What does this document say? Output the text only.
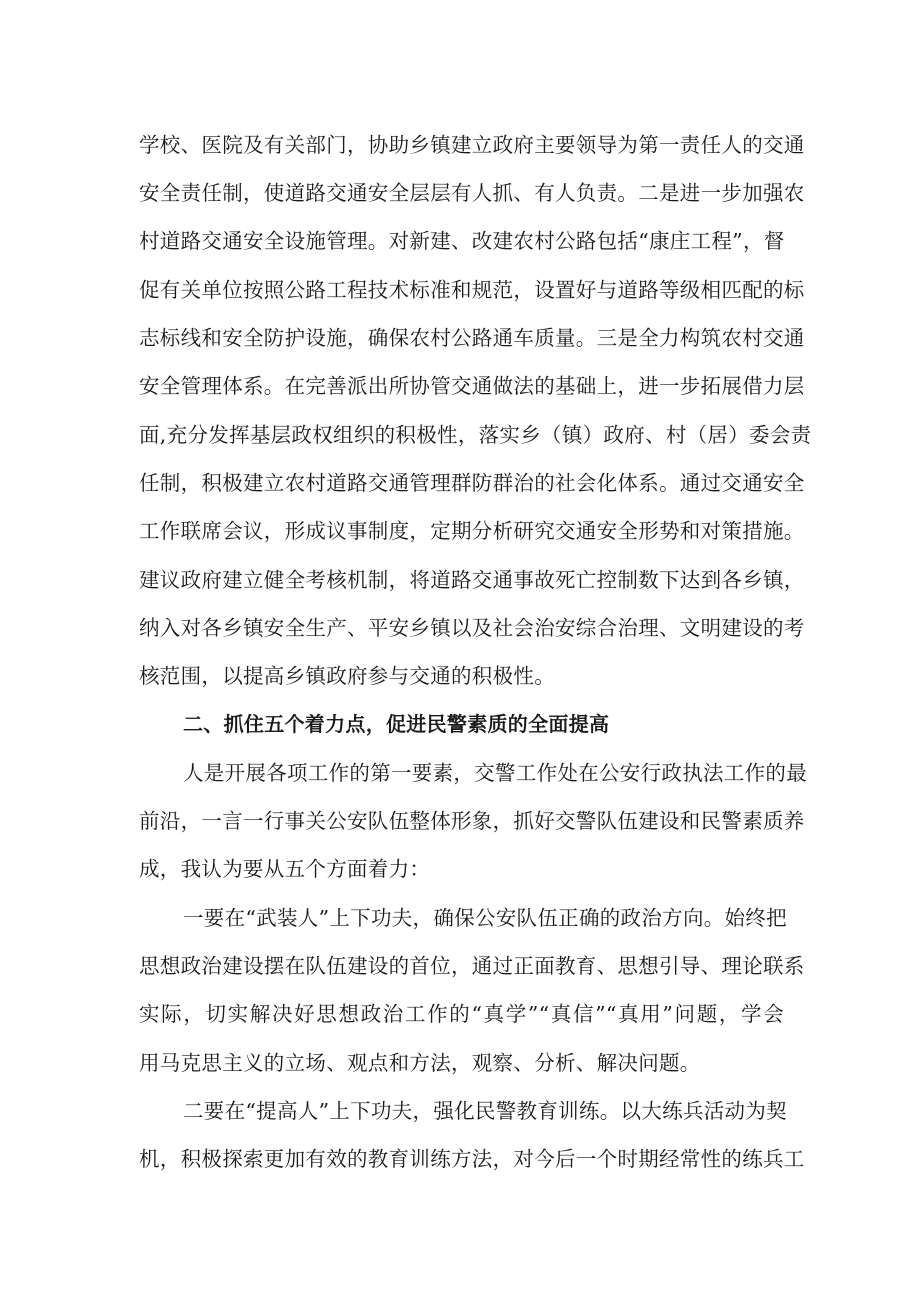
学校、医院及有关部门，协助乡镇建立政府主要领导为第一责任人的交通
安全责任制，使道路交通安全层层有人抓、有人负责。二是进一步加强农
村道路交通安全设施管理。对新建、改建农村公路包括“康庄工程”，督
促有关单位按照公路工程技术标准和规范，设置好与道路等级相匹配的标
志标线和安全防护设施，确保农村公路通车质量。三是全力构筑农村交通
安全管理体系。在完善派出所协管交通做法的基础上，进一步拓展借力层
面,充分发挥基层政权组织的积极性，落实乡（镇）政府、村（居）委会责
任制，积极建立农村道路交通管理群防群治的社会化体系。通过交通安全
工作联席会议，形成议事制度，定期分析研究交通安全形势和对策措施。
建议政府建立健全考核机制，将道路交通事故死亡控制数下达到各乡镇，
纳入对各乡镇安全生产、平安乡镇以及社会治安综合治理、文明建设的考
核范围，以提高乡镇政府参与交通的积极性。
二、抓住五个着力点，促进民警素质的全面提高
人是开展各项工作的第一要素，交警工作处在公安行政执法工作的最
前沿，一言一行事关公安队伍整体形象，抓好交警队伍建设和民警素质养
成，我认为要从五个方面着力：
一要在“武装人”上下功夫，确保公安队伍正确的政治方向。始终把
思想政治建设摆在队伍建设的首位，通过正面教育、思想引导、理论联系
实际，切实解决好思想政治工作的“真学”“真信”“真用”问题，学会
用马克思主义的立场、观点和方法，观察、分析、解决问题。
二要在“提高人”上下功夫，强化民警教育训练。以大练兵活动为契
机，积极探索更加有效的教育训练方法，对今后一个时期经常性的练兵工
